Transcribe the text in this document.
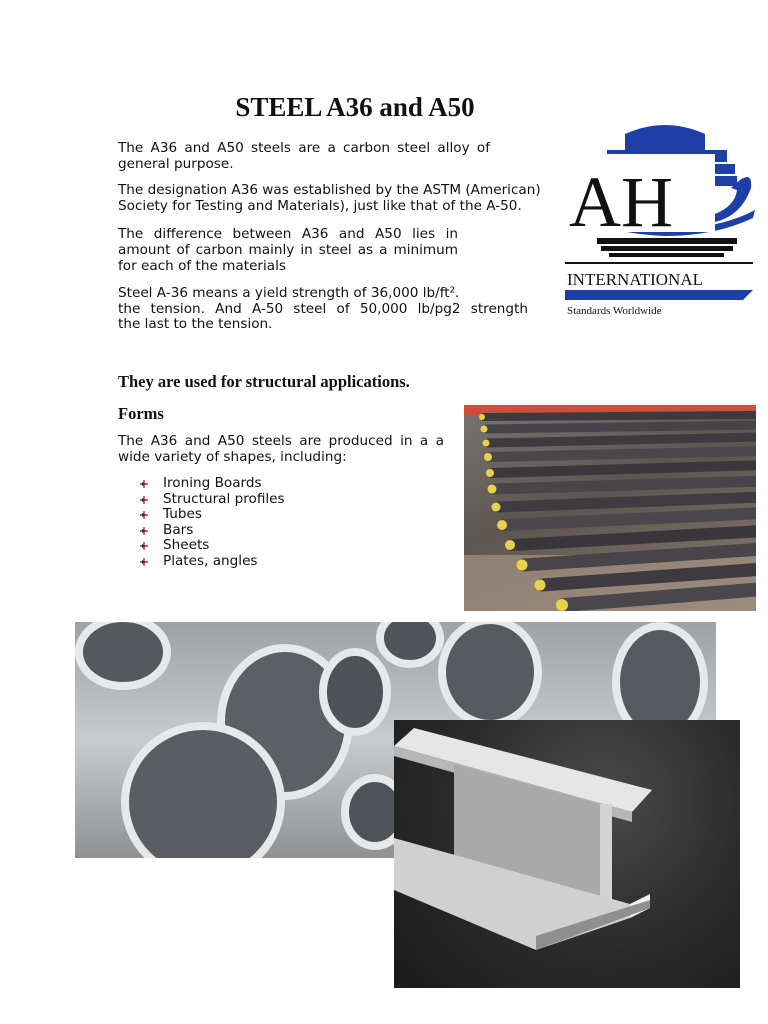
STEEL A36 and A50

The A36 and A50 steels are a carbon steel alloy of general purpose.

The designation A36 was established by the ASTM (American) Society for Testing and Materials), just like that of the A-50.

The difference between A36 and A50 lies in amount of carbon mainly in steel as a minimum for each of the materials

Steel A-36 means a yield strength of 36,000 lb/ft².

the tension. And A-50 steel of 50,000 lb/pg2 strength

the last to the tension.

AH
INTERNATIONAL
Standards Worldwide
They are used for structural applications.
Forms

The A36 and A50 steels are produced in a a wide variety of shapes, including:

Ironing Boards
Structural profiles
Tubes
Bars
Sheets
Plates, angles
